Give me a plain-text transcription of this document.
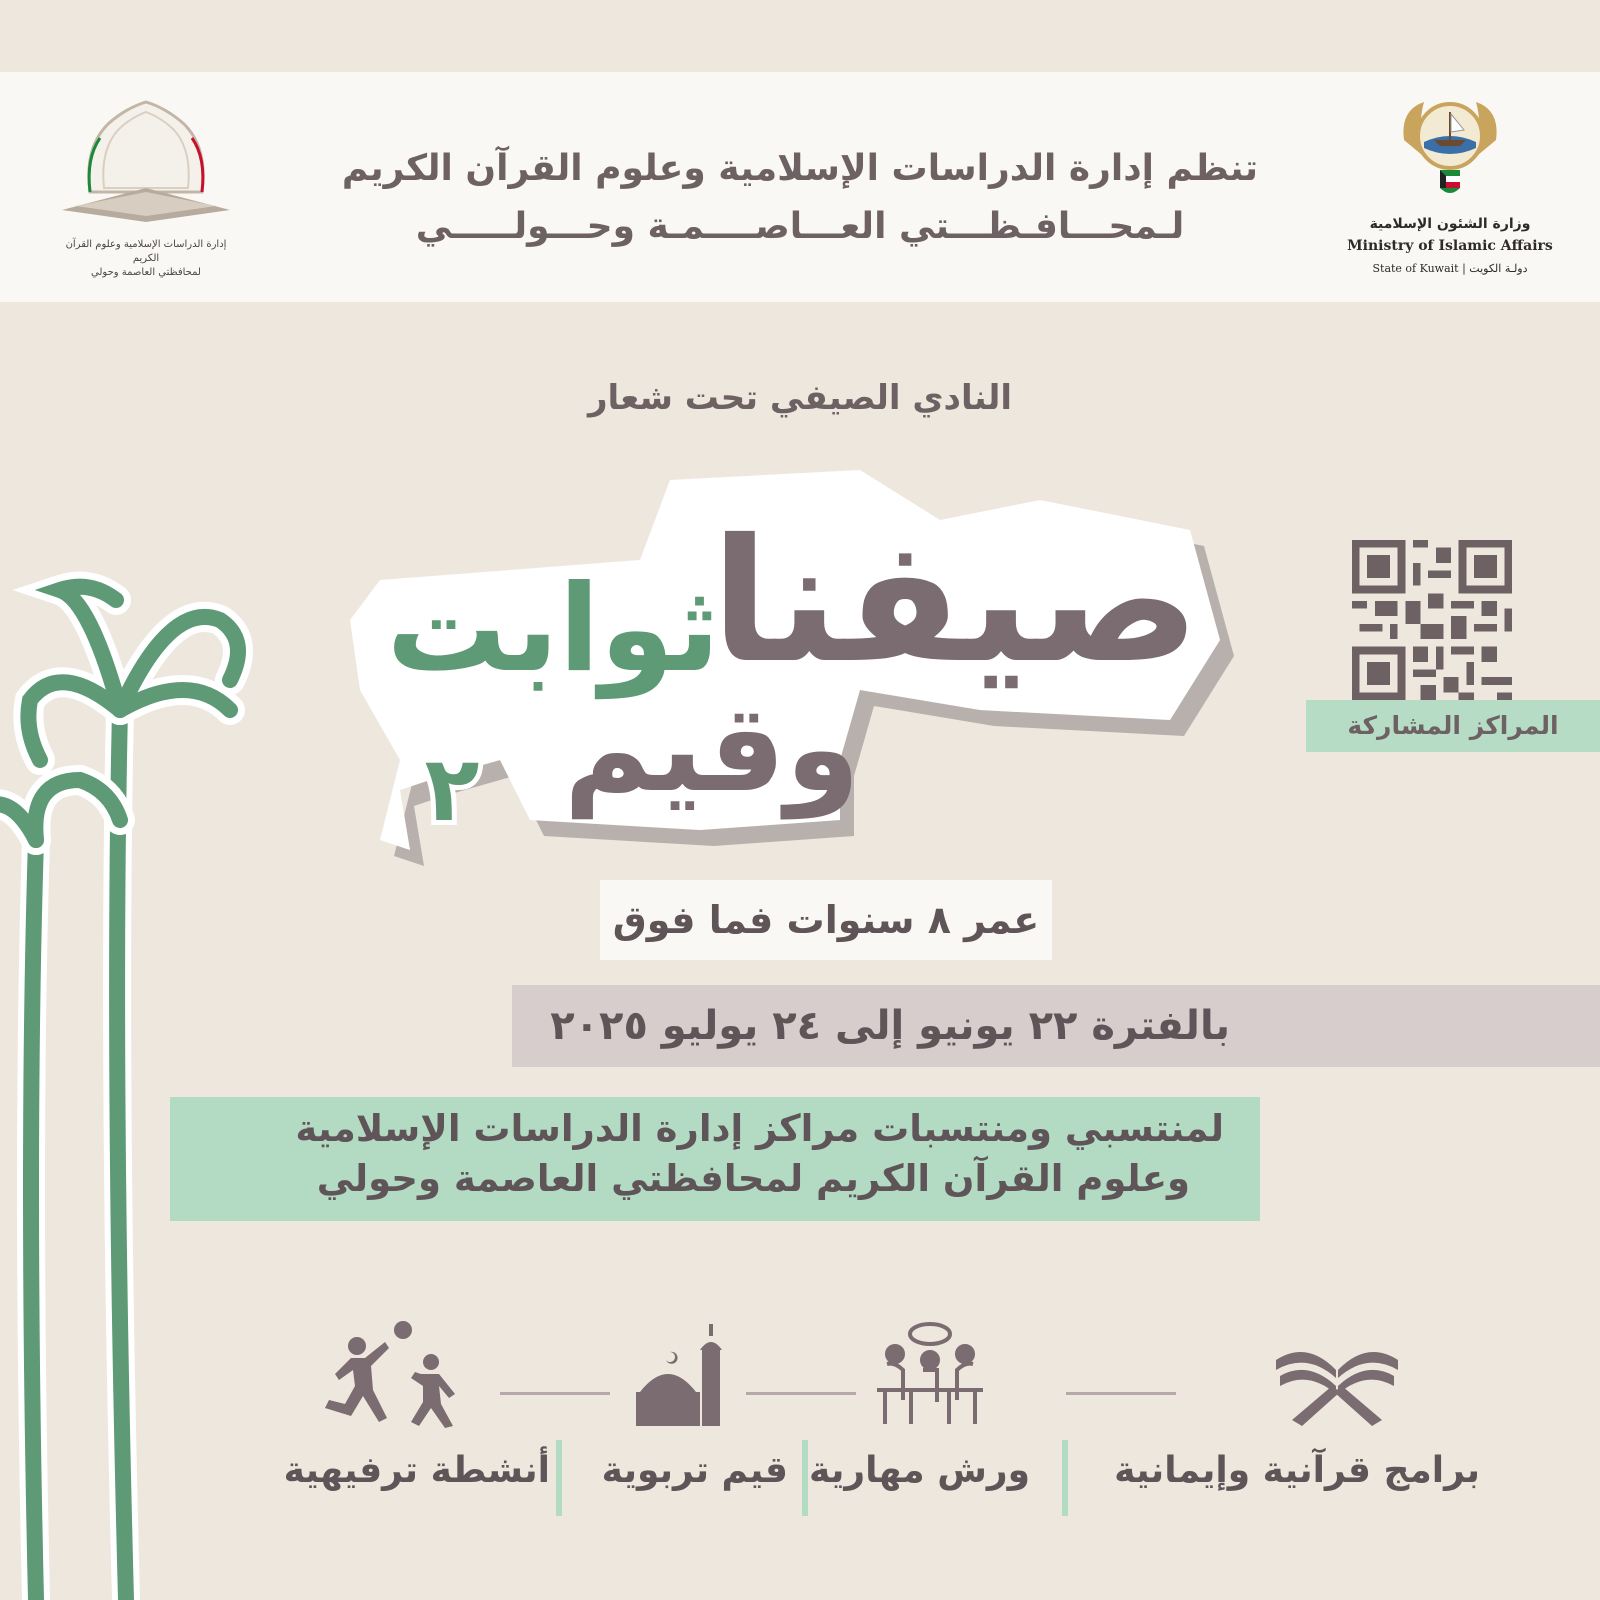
تنظم إدارة الدراسات الإسلامية وعلوم القرآن الكريم
لـمحـــافـظـــتي العـــاصــــمـة وحـــولـــــي	وزارة الشئون الإسلامية
Ministry of Islamic Affairs
State of Kuwait | دولـة الكويت
إدارة الدراسات الإسلامية وعلوم القرآن الكريم
لمحافظتي العاصمة وحولي
النادي الصيفي تحت شعار
صيفنا
ثوابت
وقيم
٢
المراكز المشاركة
عمر ٨ سنوات فما فوق
بالفترة ٢٢ يونيو إلى ٢٤ يوليو ٢٠٢٥
لمنتسبي ومنتسبات مراكز إدارة الدراسات الإسلامية
وعلوم القرآن الكريم لمحافظتي العاصمة وحولي
برامج قرآنية وإيمانية
ورش مهارية
قيم تربوية
أنشطة ترفيهية
